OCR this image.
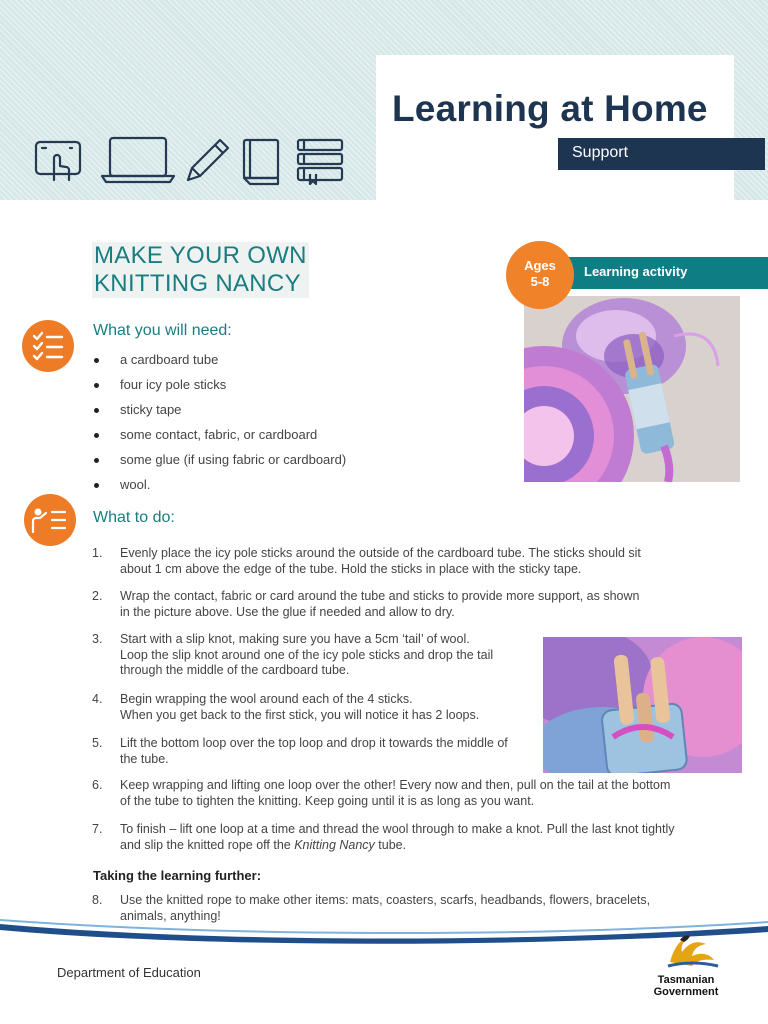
Learning at Home
Support
MAKE YOUR OWN
KNITTING NANCY
Ages
5-8
Learning activity
What you will need:
a cardboard tube
four icy pole sticks
sticky tape
some contact, fabric, or cardboard
some glue (if using fabric or cardboard)
wool.
What to do:
1. Evenly place the icy pole sticks around the outside of the cardboard tube. The sticks should sit
about 1 cm above the edge of the tube. Hold the sticks in place with the sticky tape.
2. Wrap the contact, fabric or card around the tube and sticks to provide more support, as shown
in the picture above. Use the glue if needed and allow to dry.
3. Start with a slip knot, making sure you have a 5cm ‘tail’ of wool.
Loop the slip knot around one of the icy pole sticks and drop the tail
through the middle of the cardboard tube.
4. Begin wrapping the wool around each of the 4 sticks.
When you get back to the first stick, you will notice it has 2 loops.
5. Lift the bottom loop over the top loop and drop it towards the middle of
the tube.
6. Keep wrapping and lifting one loop over the other! Every now and then, pull on the tail at the bottom
of the tube to tighten the knitting. Keep going until it is as long as you want.
7. To finish – lift one loop at a time and thread the wool through to make a knot. Pull the last knot tightly
and slip the knitted rope off the Knitting Nancy tube.
Taking the learning further:
8. Use the knitted rope to make other items: mats, coasters, scarfs, headbands, flowers, bracelets,
animals, anything!
Department of Education	Tasmanian
Government
